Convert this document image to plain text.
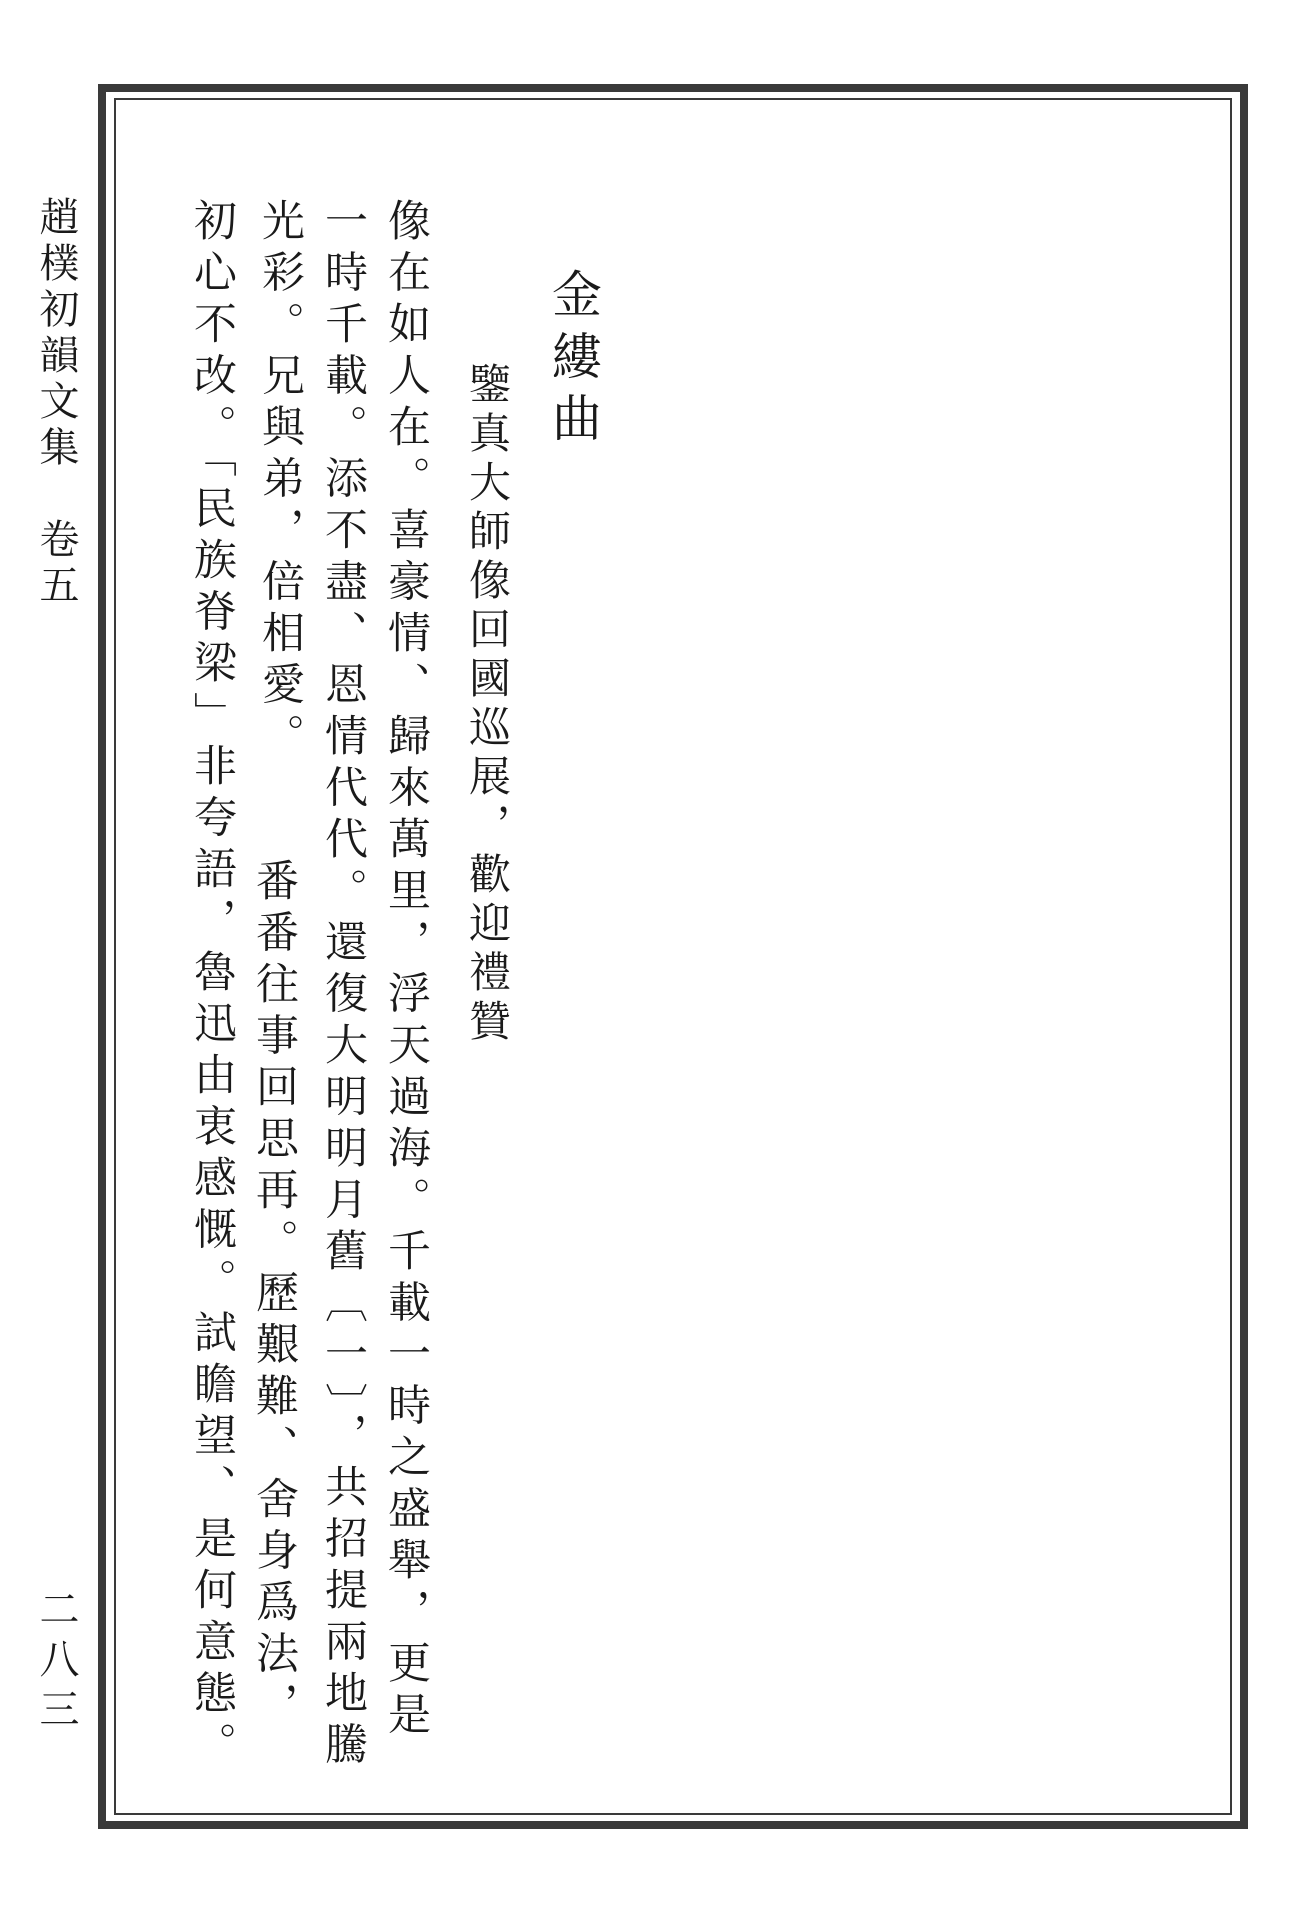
趙樸初韻文集　卷五
二八三
金縷曲
鑒真大師像回國巡展，歡迎禮贊
像在如人在。喜豪情、歸來萬里，浮天過海。千載一時之盛舉，更是
一時千載。添不盡、恩情代代。還復大明明月舊〔一〕，共招提兩地騰
光彩。兄與弟，倍相愛。
番番往事回思再。歷艱難、舍身爲法，
初心不改。「民族脊梁」非夸語，魯迅由衷感慨。試瞻望、是何意態。
